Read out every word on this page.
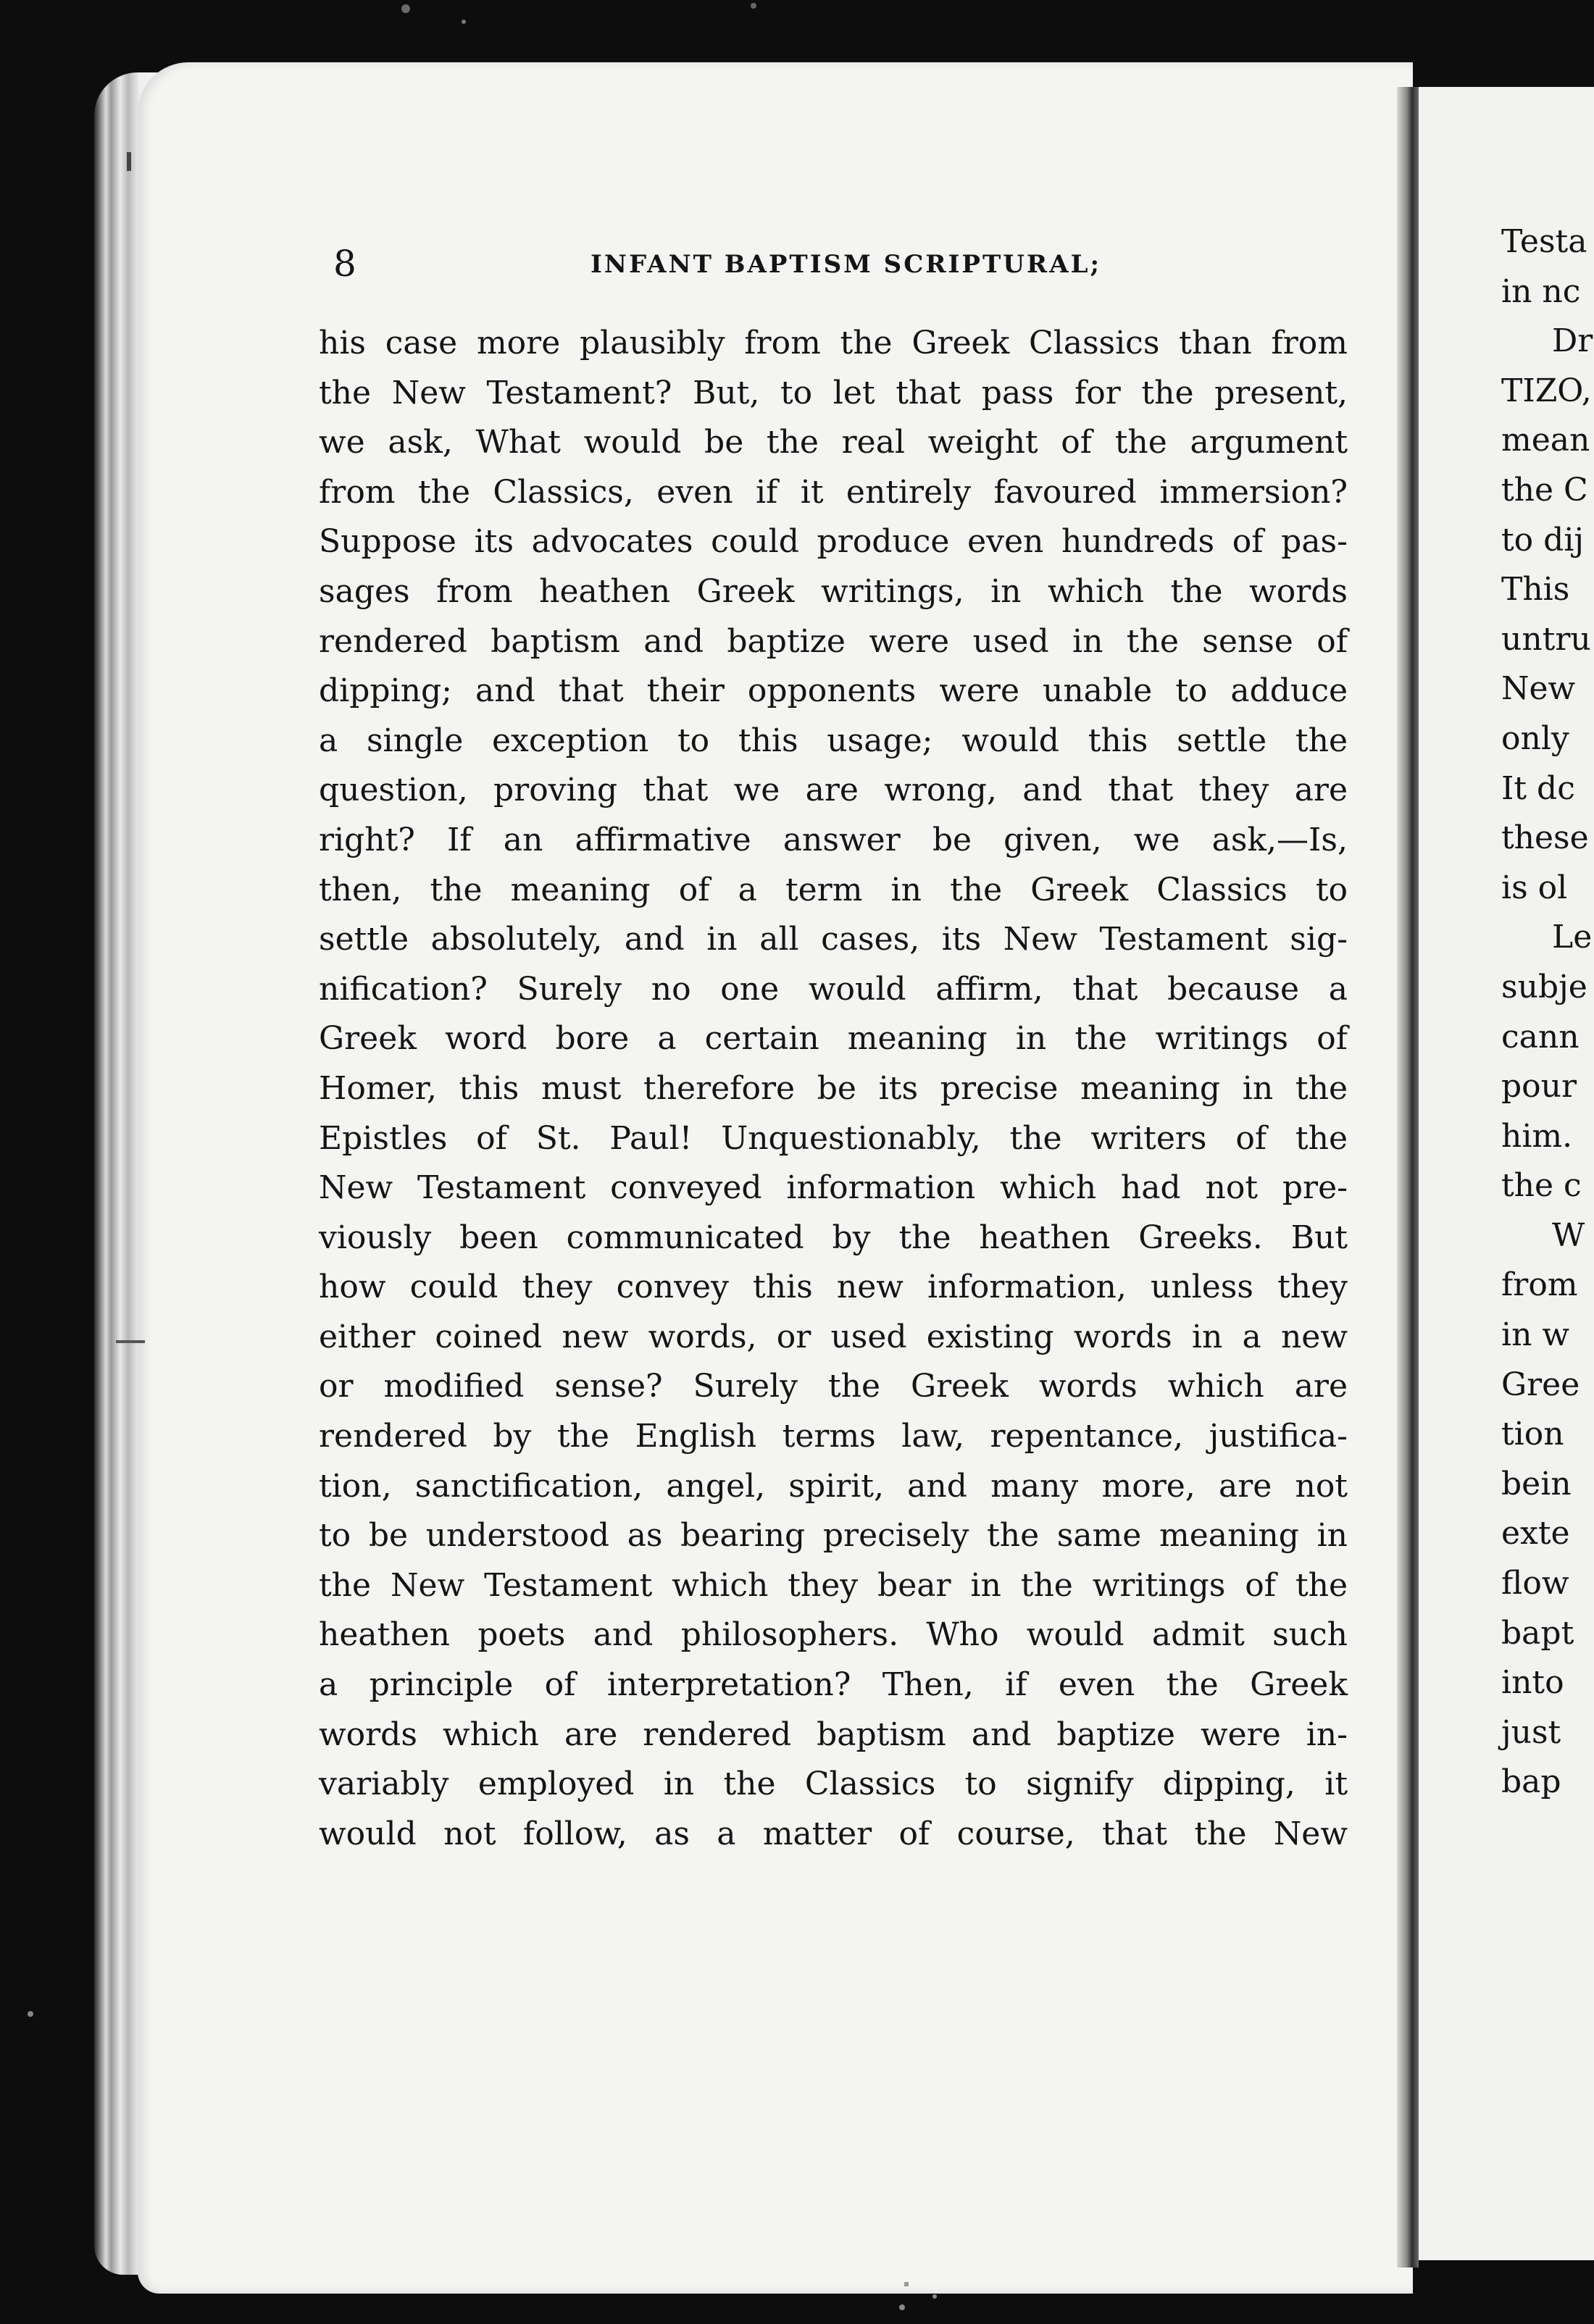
8	INFANT BAPTISM SCRIPTURAL;
his case more plausibly from the Greek Classics than from
the New Testament? But, to let that pass for the present,
we ask, What would be the real weight of the argument
from the Classics, even if it entirely favoured immersion?
Suppose its advocates could produce even hundreds of pas-
sages from heathen Greek writings, in which the words
rendered baptism and baptize were used in the sense of
dipping; and that their opponents were unable to adduce
a single exception to this usage; would this settle the
question, proving that we are wrong, and that they are
right? If an affirmative answer be given, we ask,—Is,
then, the meaning of a term in the Greek Classics to
settle absolutely, and in all cases, its New Testament sig-
nification? Surely no one would affirm, that because a
Greek word bore a certain meaning in the writings of
Homer, this must therefore be its precise meaning in the
Epistles of St. Paul! Unquestionably, the writers of the
New Testament conveyed information which had not pre-
viously been communicated by the heathen Greeks. But
how could they convey this new information, unless they
either coined new words, or used existing words in a new
or modified sense? Surely the Greek words which are
rendered by the English terms law, repentance, justifica-
tion, sanctification, angel, spirit, and many more, are not
to be understood as bearing precisely the same meaning in
the New Testament which they bear in the writings of the
heathen poets and philosophers. Who would admit such
a principle of interpretation? Then, if even the Greek
words which are rendered baptism and baptize were in-
variably employed in the Classics to signify dipping, it
would not follow, as a matter of course, that the New
Testa
in nc
Dr
TIZO,
mean
the C
to dij
This
untru
New
only
It dc
these
is ol
Le
subje
cann
pour
him.
the c
W
from
in w
Gree
tion
bein
exte
flow
bapt
into
just
bap
